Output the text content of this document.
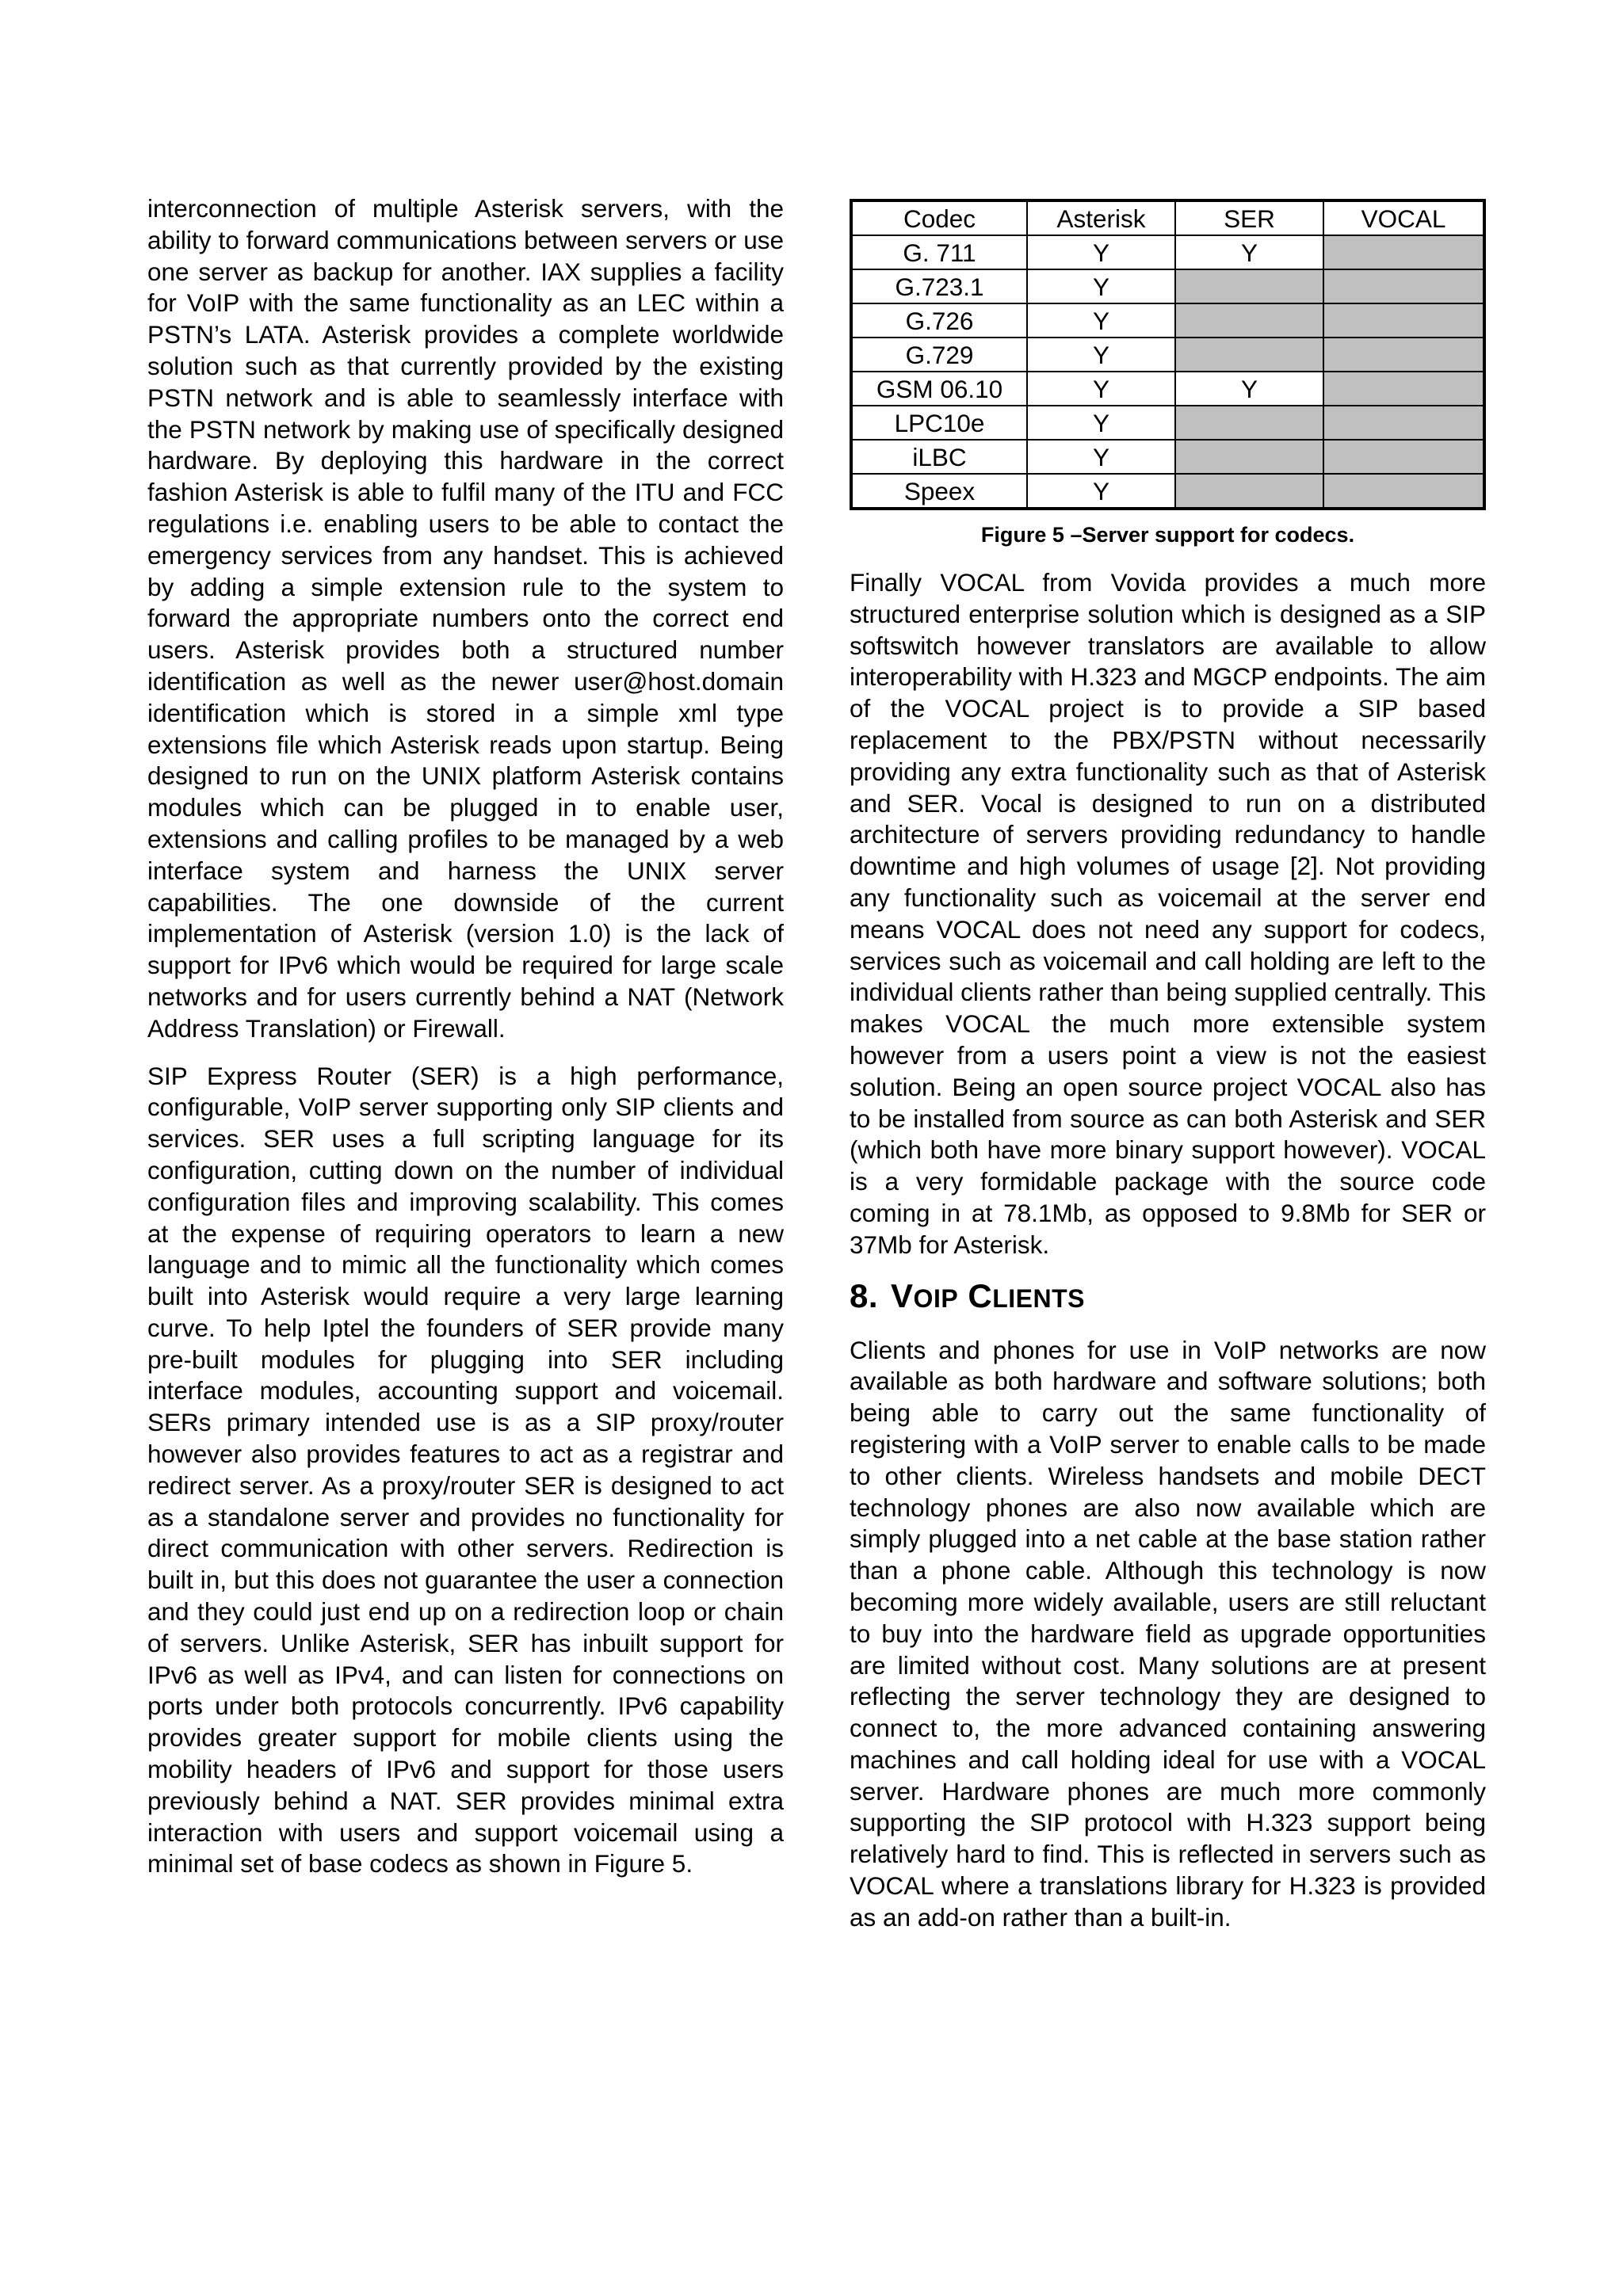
interconnection of multiple Asterisk servers, with the ability to forward communications between servers or use one server as backup for another. IAX supplies a facility for VoIP with the same functionality as an LEC within a PSTN’s LATA. Asterisk provides a complete worldwide solution such as that currently provided by the existing PSTN network and is able to seamlessly interface with the PSTN network by making use of specifically designed hardware. By deploying this hardware in the correct fashion Asterisk is able to fulfil many of the ITU and FCC regulations i.e. enabling users to be able to contact the emergency services from any handset. This is achieved by adding a simple extension rule to the system to forward the appropriate numbers onto the correct end users. Asterisk provides both a structured number identification as well as the newer user@host.domain identification which is stored in a simple xml type extensions file which Asterisk reads upon startup. Being designed to run on the UNIX platform Asterisk contains modules which can be plugged in to enable user, extensions and calling profiles to be managed by a web interface system and harness the UNIX server capabilities. The one downside of the current implementation of Asterisk (version 1.0) is the lack of support for IPv6 which would be required for large scale networks and for users currently behind a NAT (Network Address Translation) or Firewall.

SIP Express Router (SER) is a high performance, configurable, VoIP server supporting only SIP clients and services. SER uses a full scripting language for its configuration, cutting down on the number of individual configuration files and improving scalability. This comes at the expense of requiring operators to learn a new language and to mimic all the functionality which comes built into Asterisk would require a very large learning curve. To help Iptel the founders of SER provide many pre-built modules for plugging into SER including interface modules, accounting support and voicemail. SERs primary intended use is as a SIP proxy/router however also provides features to act as a registrar and redirect server. As a proxy/router SER is designed to act as a standalone server and provides no functionality for direct communication with other servers. Redirection is built in, but this does not guarantee the user a connection and they could just end up on a redirection loop or chain of servers. Unlike Asterisk, SER has inbuilt support for IPv6 as well as IPv4, and can listen for connections on ports under both protocols concurrently. IPv6 capability provides greater support for mobile clients using the mobility headers of IPv6 and support for those users previously behind a NAT. SER provides minimal extra interaction with users and support voicemail using a minimal set of base codecs as shown in Figure 5.

Codec	Asterisk	SER	VOCAL
G. 711	Y	Y	
G.723.1	Y		
G.726	Y		
G.729	Y		
GSM 06.10	Y	Y	
LPC10e	Y		
iLBC	Y		
Speex	Y		
Figure 5 –Server support for codecs.

Finally VOCAL from Vovida provides a much more structured enterprise solution which is designed as a SIP softswitch however translators are available to allow interoperability with H.323 and MGCP endpoints. The aim of the VOCAL project is to provide a SIP based replacement to the PBX/PSTN without necessarily providing any extra functionality such as that of Asterisk and SER. Vocal is designed to run on a distributed architecture of servers providing redundancy to handle downtime and high volumes of usage [2]. Not providing any functionality such as voicemail at the server end means VOCAL does not need any support for codecs, services such as voicemail and call holding are left to the individual clients rather than being supplied centrally. This makes VOCAL the much more extensible system however from a users point a view is not the easiest solution. Being an open source project VOCAL also has to be installed from source as can both Asterisk and SER (which both have more binary support however). VOCAL is a very formidable package with the source code coming in at 78.1Mb, as opposed to 9.8Mb for SER or 37Mb for Asterisk.

8. VOIP CLIENTS

Clients and phones for use in VoIP networks are now available as both hardware and software solutions; both being able to carry out the same functionality of registering with a VoIP server to enable calls to be made to other clients. Wireless handsets and mobile DECT technology phones are also now available which are simply plugged into a net cable at the base station rather than a phone cable. Although this technology is now becoming more widely available, users are still reluctant to buy into the hardware field as upgrade opportunities are limited without cost. Many solutions are at present reflecting the server technology they are designed to connect to, the more advanced containing answering machines and call holding ideal for use with a VOCAL server. Hardware phones are much more commonly supporting the SIP protocol with H.323 support being relatively hard to find. This is reflected in servers such as VOCAL where a translations library for H.323 is provided as an add-on rather than a built-in.
